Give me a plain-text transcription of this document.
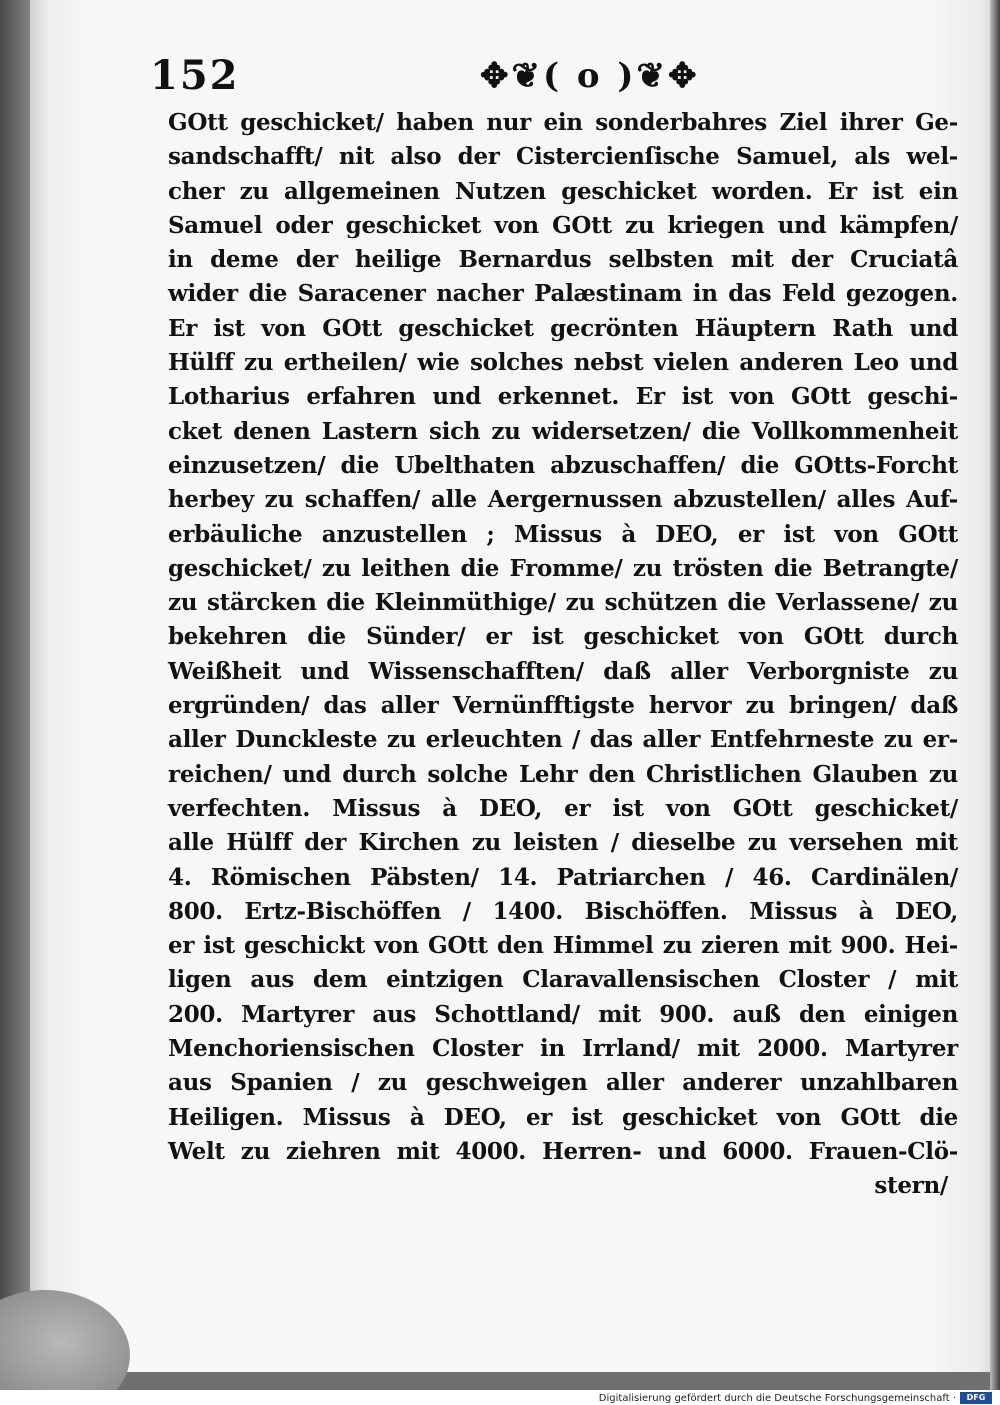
152	✥❦( o )❦✥
GOtt geschicket/ haben nur ein sonderbahres Ziel ihrer Ge-
sandschafft/ nit also der Cistercienſische Samuel, als wel-
cher zu allgemeinen Nutzen geschicket worden. Er ist ein
Samuel oder geschicket von GOtt zu kriegen und kämpfen/
in deme der heilige Bernardus selbsten mit der Cruciatâ
wider die Saracener nacher Palæstinam in das Feld gezogen.
Er ist von GOtt geschicket gecrönten Häuptern Rath und
Hülff zu ertheilen/ wie solches nebst vielen anderen Leo und
Lotharius erfahren und erkennet. Er ist von GOtt geschi-
cket denen Lastern sich zu widersetzen/ die Vollkommenheit
einzusetzen/ die Ubelthaten abzuschaffen/ die GOtts-Forcht
herbey zu schaffen/ alle Aergernussen abzustellen/ alles Auf-
erbäuliche anzustellen ; Missus à DEO, er ist von GOtt
geschicket/ zu leithen die Fromme/ zu trösten die Betrangte/
zu stärcken die Kleinmüthige/ zu schützen die Verlassene/ zu
bekehren die Sünder/ er ist geschicket von GOtt durch
Weißheit und Wissenschafften/ daß aller Verborgniste zu
ergründen/ das aller Vernünfftigste hervor zu bringen/ daß
aller Dunckleste zu erleuchten / das aller Entfehrneste zu er-
reichen/ und durch solche Lehr den Christlichen Glauben zu
verfechten. Missus à DEO, er ist von GOtt geschicket/
alle Hülff der Kirchen zu leisten / dieselbe zu versehen mit
4. Römischen Päbsten/ 14. Patriarchen / 46. Cardinälen/
800. Ertz-Bischöffen / 1400. Bischöffen. Missus à DEO,
er ist geschickt von GOtt den Himmel zu zieren mit 900. Hei-
ligen aus dem eintzigen Claravallensischen Closter / mit
200. Martyrer aus Schottland/ mit 900. auß den einigen
Menchoriensischen Closter in Irrland/ mit 2000. Martyrer
aus Spanien / zu geschweigen aller anderer unzahlbaren
Heiligen. Missus à DEO, er ist geschicket von GOtt die
Welt zu ziehren mit 4000. Herren- und 6000. Frauen-Clö-
stern/
Digitalisierung gefördert durch die Deutsche Forschungsgemeinschaft ·	DFG
